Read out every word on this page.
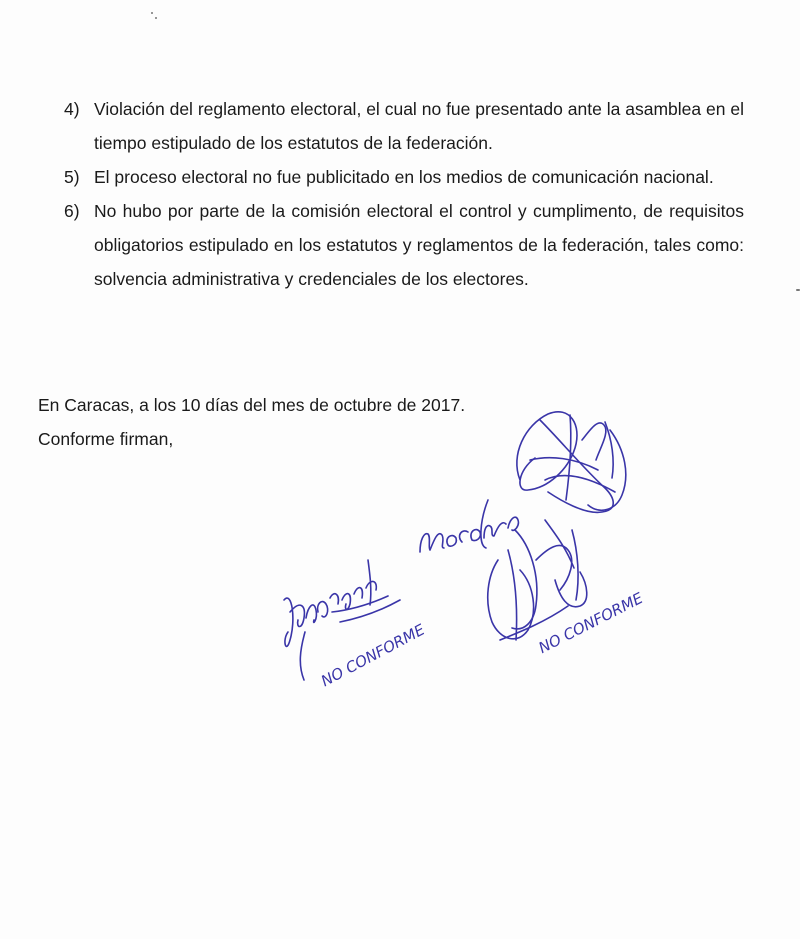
4) Violación del reglamento electoral, el cual no fue presentado ante la asamblea en el tiempo estipulado de los estatutos de la federación.
5) El proceso electoral no fue publicitado en los medios de comunicación nacional.
6) No hubo por parte de la comisión electoral el control y cumplimento, de requisitos obligatorios estipulado en los estatutos y reglamentos de la federación, tales como: solvencia administrativa y credenciales de los electores.
En Caracas, a los 10 días del mes de octubre de 2017.
Conforme firman,
NO CONFORME
NO CONFORME
